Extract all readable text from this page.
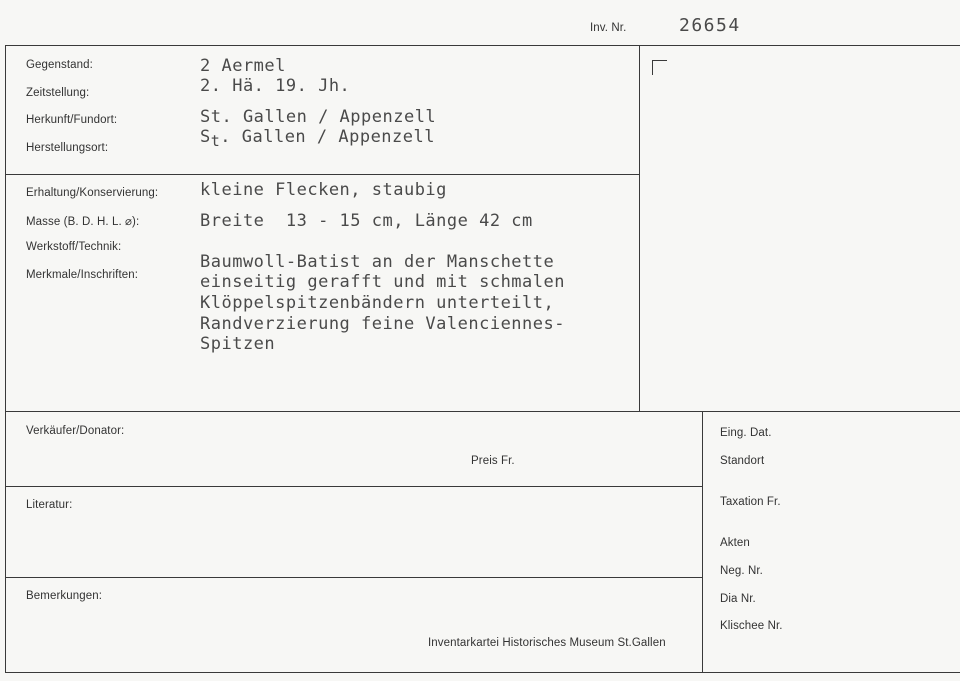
Inv. Nr.	26654
Gegenstand:
Zeitstellung:
Herkunft/Fundort:
Herstellungsort:
2 Aermel
2. Hä. 19. Jh.
St. Gallen / Appenzell
St. Gallen / Appenzell
Erhaltung/Konservierung:
Masse (B. D. H. L. ⌀):
Werkstoff/Technik:
Merkmale/Inschriften:
kleine Flecken, staubig
Breite  13 - 15 cm, Länge 42 cm
Baumwoll-Batist an der Manschette
einseitig gerafft und mit schmalen
Klöppelspitzenbändern unterteilt,
Randverzierung feine Valenciennes-
Spitzen
Verkäufer/Donator:
Preis Fr.
Literatur:
Bemerkungen:
Inventarkartei Historisches Museum St.Gallen
Eing. Dat.
Standort
Taxation Fr.
Akten
Neg. Nr.
Dia Nr.
Klischee Nr.
